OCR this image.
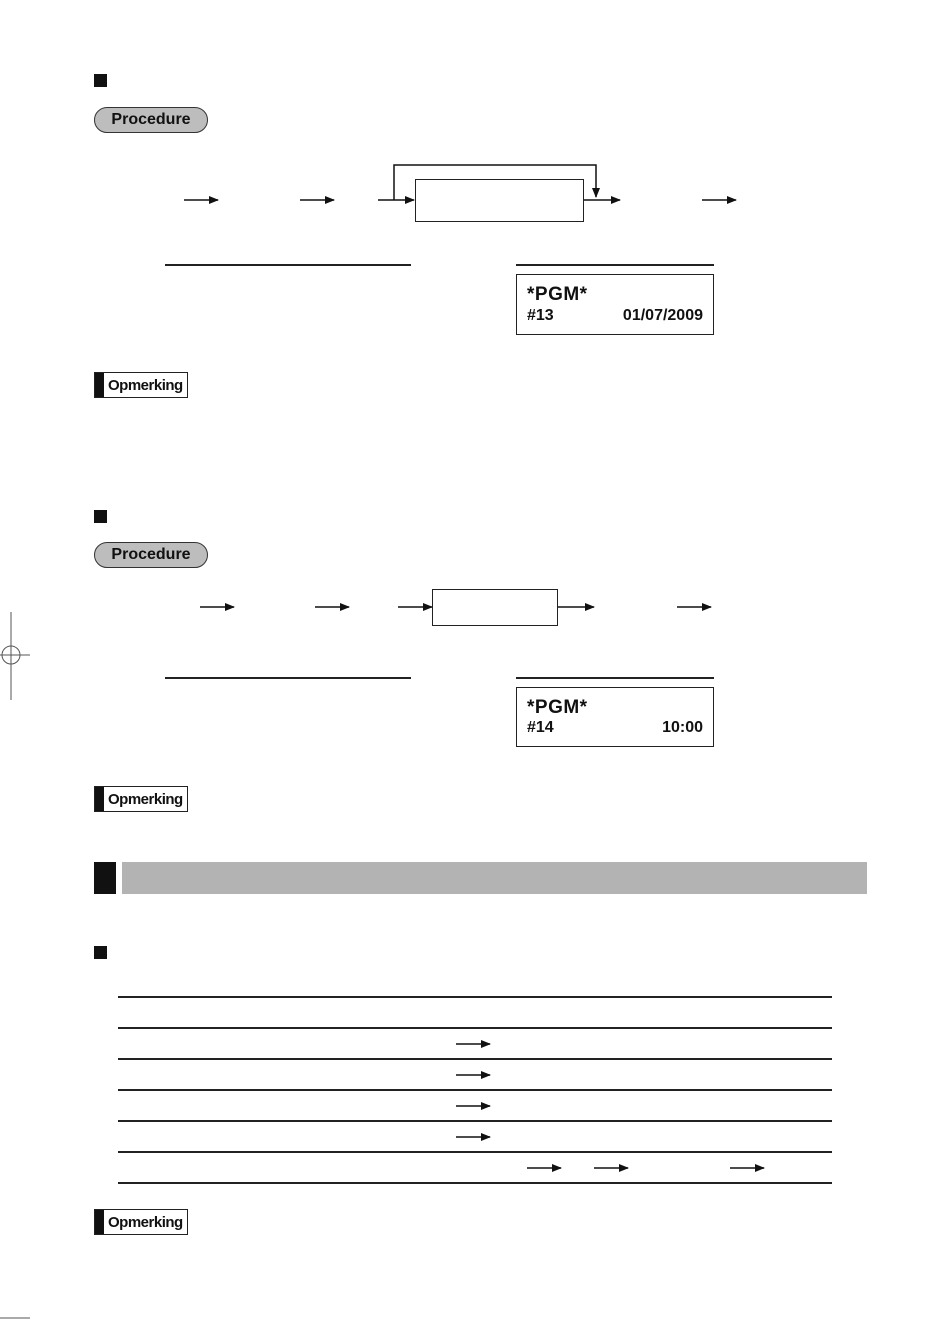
Procedure
*PGM*
#13	01/07/2009
Opmerking
Procedure
*PGM*
#14	10:00
Opmerking
Opmerking
